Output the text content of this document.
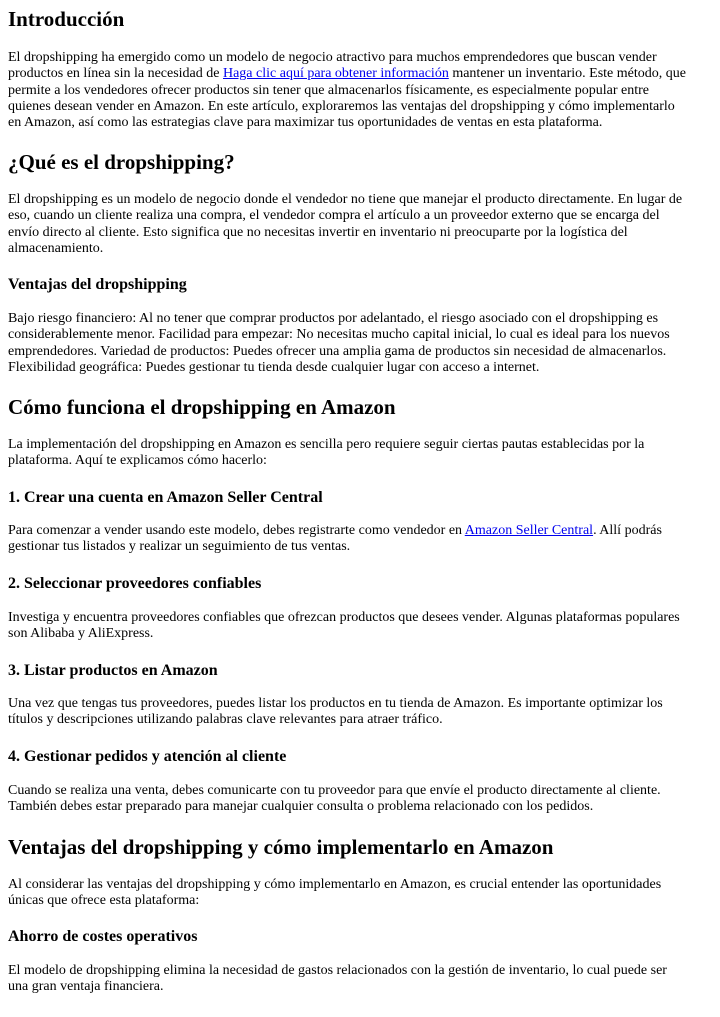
Introducción

El dropshipping ha emergido como un modelo de negocio atractivo para muchos emprendedores que buscan vender
productos en línea sin la necesidad de Haga clic aquí para obtener información mantener un inventario. Este método, que
permite a los vendedores ofrecer productos sin tener que almacenarlos físicamente, es especialmente popular entre
quienes desean vender en Amazon. En este artículo, exploraremos las ventajas del dropshipping y cómo implementarlo
en Amazon, así como las estrategias clave para maximizar tus oportunidades de ventas en esta plataforma.

¿Qué es el dropshipping?

El dropshipping es un modelo de negocio donde el vendedor no tiene que manejar el producto directamente. En lugar de
eso, cuando un cliente realiza una compra, el vendedor compra el artículo a un proveedor externo que se encarga del
envío directo al cliente. Esto significa que no necesitas invertir en inventario ni preocuparte por la logística del
almacenamiento.

Ventajas del dropshipping

Bajo riesgo financiero: Al no tener que comprar productos por adelantado, el riesgo asociado con el dropshipping es
considerablemente menor. Facilidad para empezar: No necesitas mucho capital inicial, lo cual es ideal para los nuevos
emprendedores. Variedad de productos: Puedes ofrecer una amplia gama de productos sin necesidad de almacenarlos.
Flexibilidad geográfica: Puedes gestionar tu tienda desde cualquier lugar con acceso a internet.

Cómo funciona el dropshipping en Amazon

La implementación del dropshipping en Amazon es sencilla pero requiere seguir ciertas pautas establecidas por la
plataforma. Aquí te explicamos cómo hacerlo:

1. Crear una cuenta en Amazon Seller Central

Para comenzar a vender usando este modelo, debes registrarte como vendedor en Amazon Seller Central. Allí podrás
gestionar tus listados y realizar un seguimiento de tus ventas.

2. Seleccionar proveedores confiables

Investiga y encuentra proveedores confiables que ofrezcan productos que desees vender. Algunas plataformas populares
son Alibaba y AliExpress.

3. Listar productos en Amazon

Una vez que tengas tus proveedores, puedes listar los productos en tu tienda de Amazon. Es importante optimizar los
títulos y descripciones utilizando palabras clave relevantes para atraer tráfico.

4. Gestionar pedidos y atención al cliente

Cuando se realiza una venta, debes comunicarte con tu proveedor para que envíe el producto directamente al cliente.
También debes estar preparado para manejar cualquier consulta o problema relacionado con los pedidos.

Ventajas del dropshipping y cómo implementarlo en Amazon

Al considerar las ventajas del dropshipping y cómo implementarlo en Amazon, es crucial entender las oportunidades
únicas que ofrece esta plataforma:

Ahorro de costes operativos

El modelo de dropshipping elimina la necesidad de gastos relacionados con la gestión de inventario, lo cual puede ser
una gran ventaja financiera.
